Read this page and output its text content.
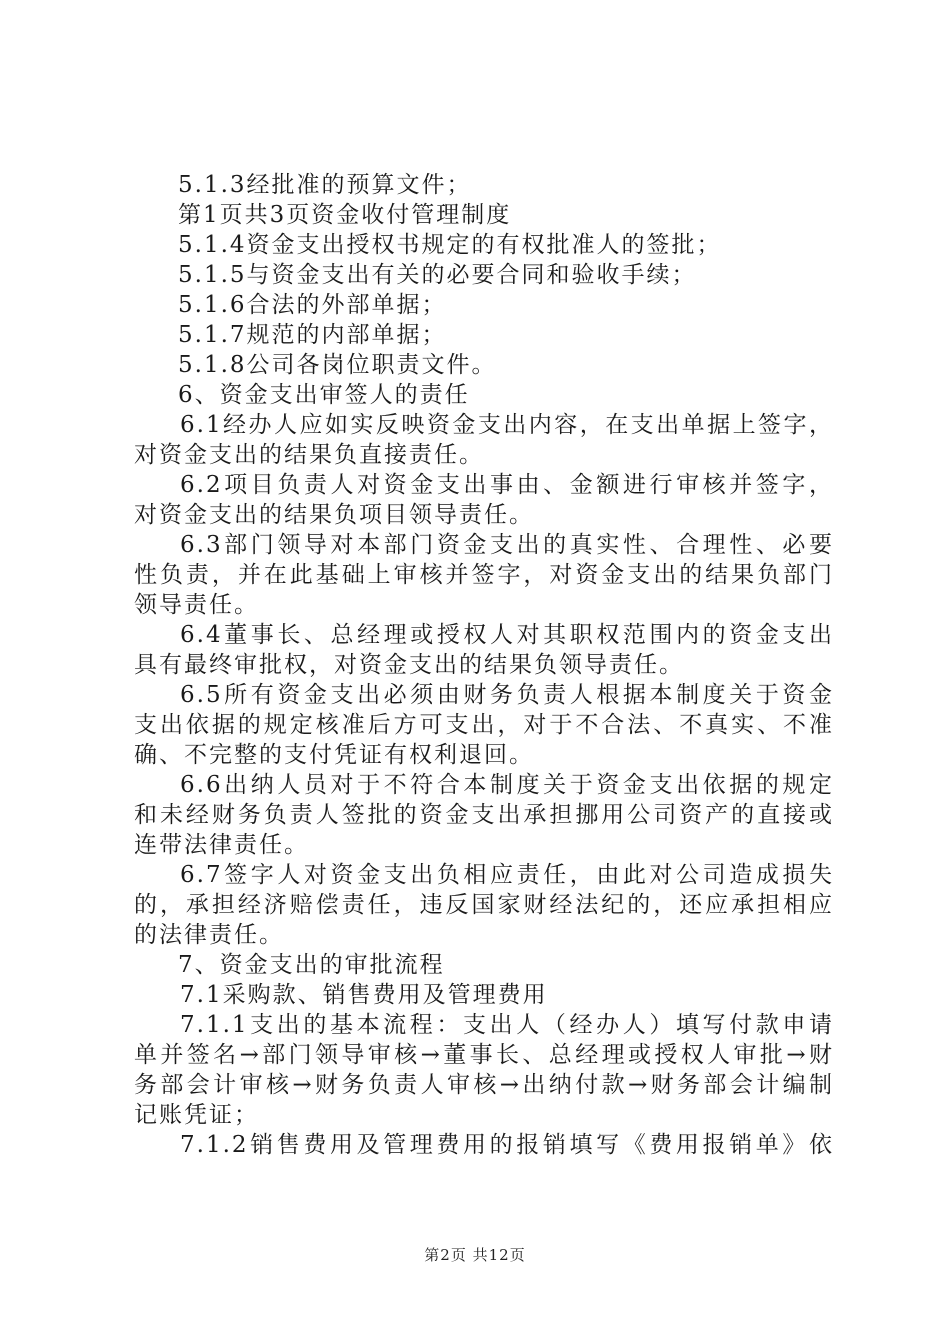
5.1.3经批准的预算文件；
第1页共3页资金收付管理制度
5.1.4资金支出授权书规定的有权批准人的签批；
5.1.5与资金支出有关的必要合同和验收手续；
5.1.6合法的外部单据；
5.1.7规范的内部单据；
5.1.8公司各岗位职责文件。
6、资金支出审签人的责任
6.1经办人应如实反映资金支出内容，在支出单据上签字，
对资金支出的结果负直接责任。
6.2项目负责人对资金支出事由、金额进行审核并签字，
对资金支出的结果负项目领导责任。
6.3部门领导对本部门资金支出的真实性、合理性、必要
性负责，并在此基础上审核并签字，对资金支出的结果负部门
领导责任。
6.4董事长、总经理或授权人对其职权范围内的资金支出
具有最终审批权，对资金支出的结果负领导责任。
6.5所有资金支出必须由财务负责人根据本制度关于资金
支出依据的规定核准后方可支出，对于不合法、不真实、不准
确、不完整的支付凭证有权利退回。
6.6出纳人员对于不符合本制度关于资金支出依据的规定
和未经财务负责人签批的资金支出承担挪用公司资产的直接或
连带法律责任。
6.7签字人对资金支出负相应责任，由此对公司造成损失
的，承担经济赔偿责任，违反国家财经法纪的，还应承担相应
的法律责任。
7、资金支出的审批流程
7.1采购款、销售费用及管理费用
7.1.1支出的基本流程：支出人（经办人）填写付款申请
单并签名→部门领导审核→董事长、总经理或授权人审批→财
务部会计审核→财务负责人审核→出纳付款→财务部会计编制
记账凭证；
7.1.2销售费用及管理费用的报销填写《费用报销单》依
第2页 共12页
